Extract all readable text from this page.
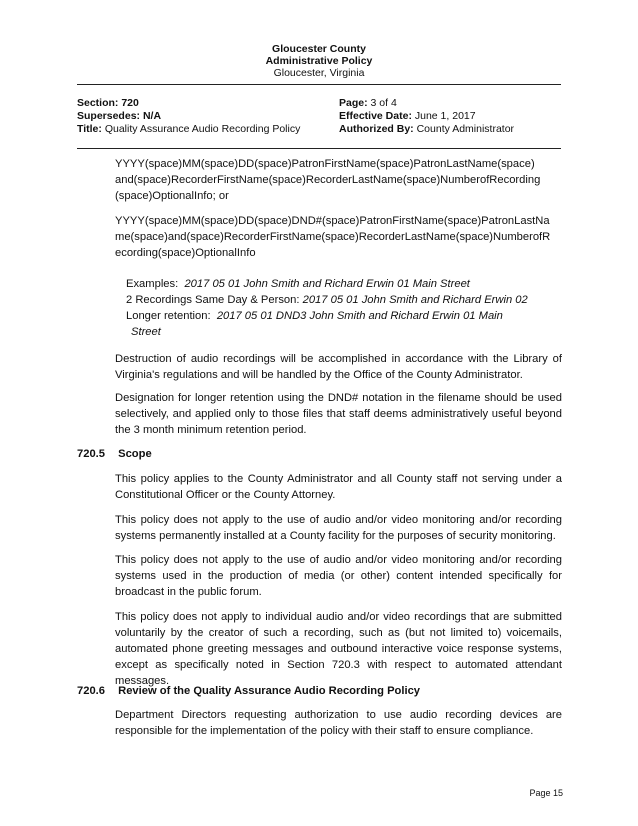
Gloucester County
Administrative Policy
Gloucester, Virginia
Section: 720
Supersedes: N/A
Title: Quality Assurance Audio Recording Policy
Page: 3 of 4
Effective Date: June 1, 2017
Authorized By: County Administrator
YYYY(space)MM(space)DD(space)PatronFirstName(space)PatronLastName(space)
and(space)RecorderFirstName(space)RecorderLastName(space)NumberofRecording
(space)OptionalInfo; or
YYYY(space)MM(space)DD(space)DND#(space)PatronFirstName(space)PatronLastNa
me(space)and(space)RecorderFirstName(space)RecorderLastName(space)NumberofR
ecording(space)OptionalInfo
Examples: 2017 05 01 John Smith and Richard Erwin 01 Main Street
2 Recordings Same Day & Person: 2017 05 01 John Smith and Richard Erwin 02
Longer retention: 2017 05 01 DND3 John Smith and Richard Erwin 01 Main
Street
Destruction of audio recordings will be accomplished in accordance with the Library of Virginia's regulations and will be handled by the Office of the County Administrator.
Designation for longer retention using the DND# notation in the filename should be used selectively, and applied only to those files that staff deems administratively useful beyond the 3 month minimum retention period.
720.5 Scope
This policy applies to the County Administrator and all County staff not serving under a Constitutional Officer or the County Attorney.
This policy does not apply to the use of audio and/or video monitoring and/or recording systems permanently installed at a County facility for the purposes of security monitoring.
This policy does not apply to the use of audio and/or video monitoring and/or recording systems used in the production of media (or other) content intended specifically for broadcast in the public forum.
This policy does not apply to individual audio and/or video recordings that are submitted voluntarily by the creator of such a recording, such as (but not limited to) voicemails, automated phone greeting messages and outbound interactive voice response systems, except as specifically noted in Section 720.3 with respect to automated attendant messages.
720.6 Review of the Quality Assurance Audio Recording Policy
Department Directors requesting authorization to use audio recording devices are responsible for the implementation of the policy with their staff to ensure compliance.
Page 15
